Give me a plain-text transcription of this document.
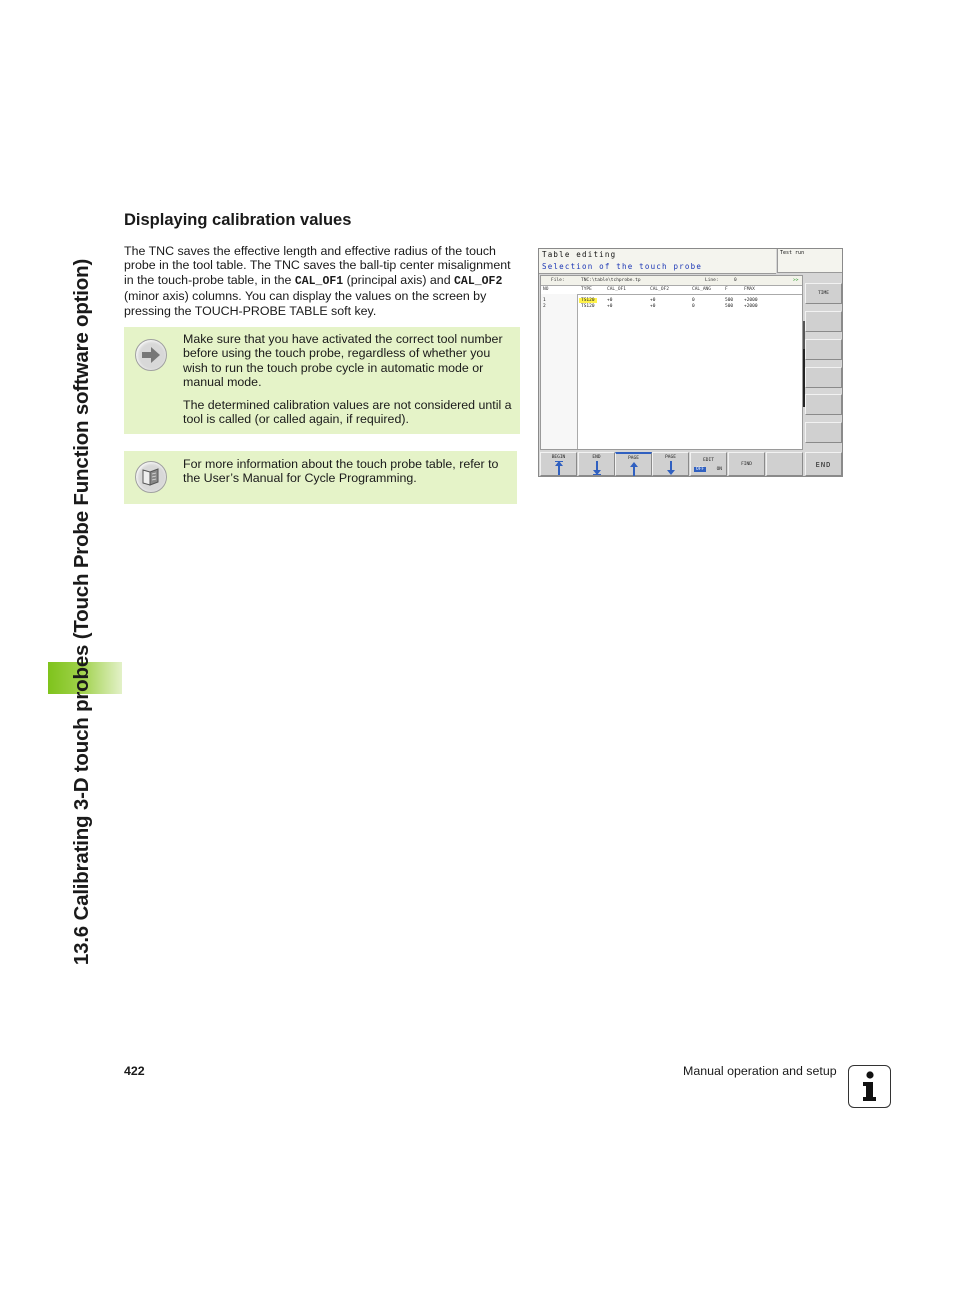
13.6 Calibrating 3-D touch probes (Touch Probe Function software option)
Displaying calibration values

The TNC saves the effective length and effective radius of the touch probe in the tool table. The TNC saves the ball-tip center misalignment in the touch-probe table, in the CAL_OF1 (principal axis) and CAL_OF2 (minor axis) columns. You can display the values on the screen by pressing the TOUCH-PROBE TABLE soft key.

Make sure that you have activated the correct tool number before using the touch probe, regardless of whether you wish to run the touch probe cycle in automatic mode or manual mode.

The determined calibration values are not considered until a tool is called (or called again, if required).

For more information about the touch probe table, refer to the User’s Manual for Cycle Programming.

Table editing
Selection of the touch probe
Test run
File:	TNC:\table\tchprobe.tp	Line:	0	>>
NO	TYPE	CAL_OF1	CAL_OF2	CAL_ANG	F	FMAX
1	TS120	+0	+0	0	500 +2000
2	TS120	+0	+0	0	500 +2000
TIME
BEGIN	END	PAGE	PAGE
EDIT
OFF	ON
FIND	END
422	Manual operation and setup
